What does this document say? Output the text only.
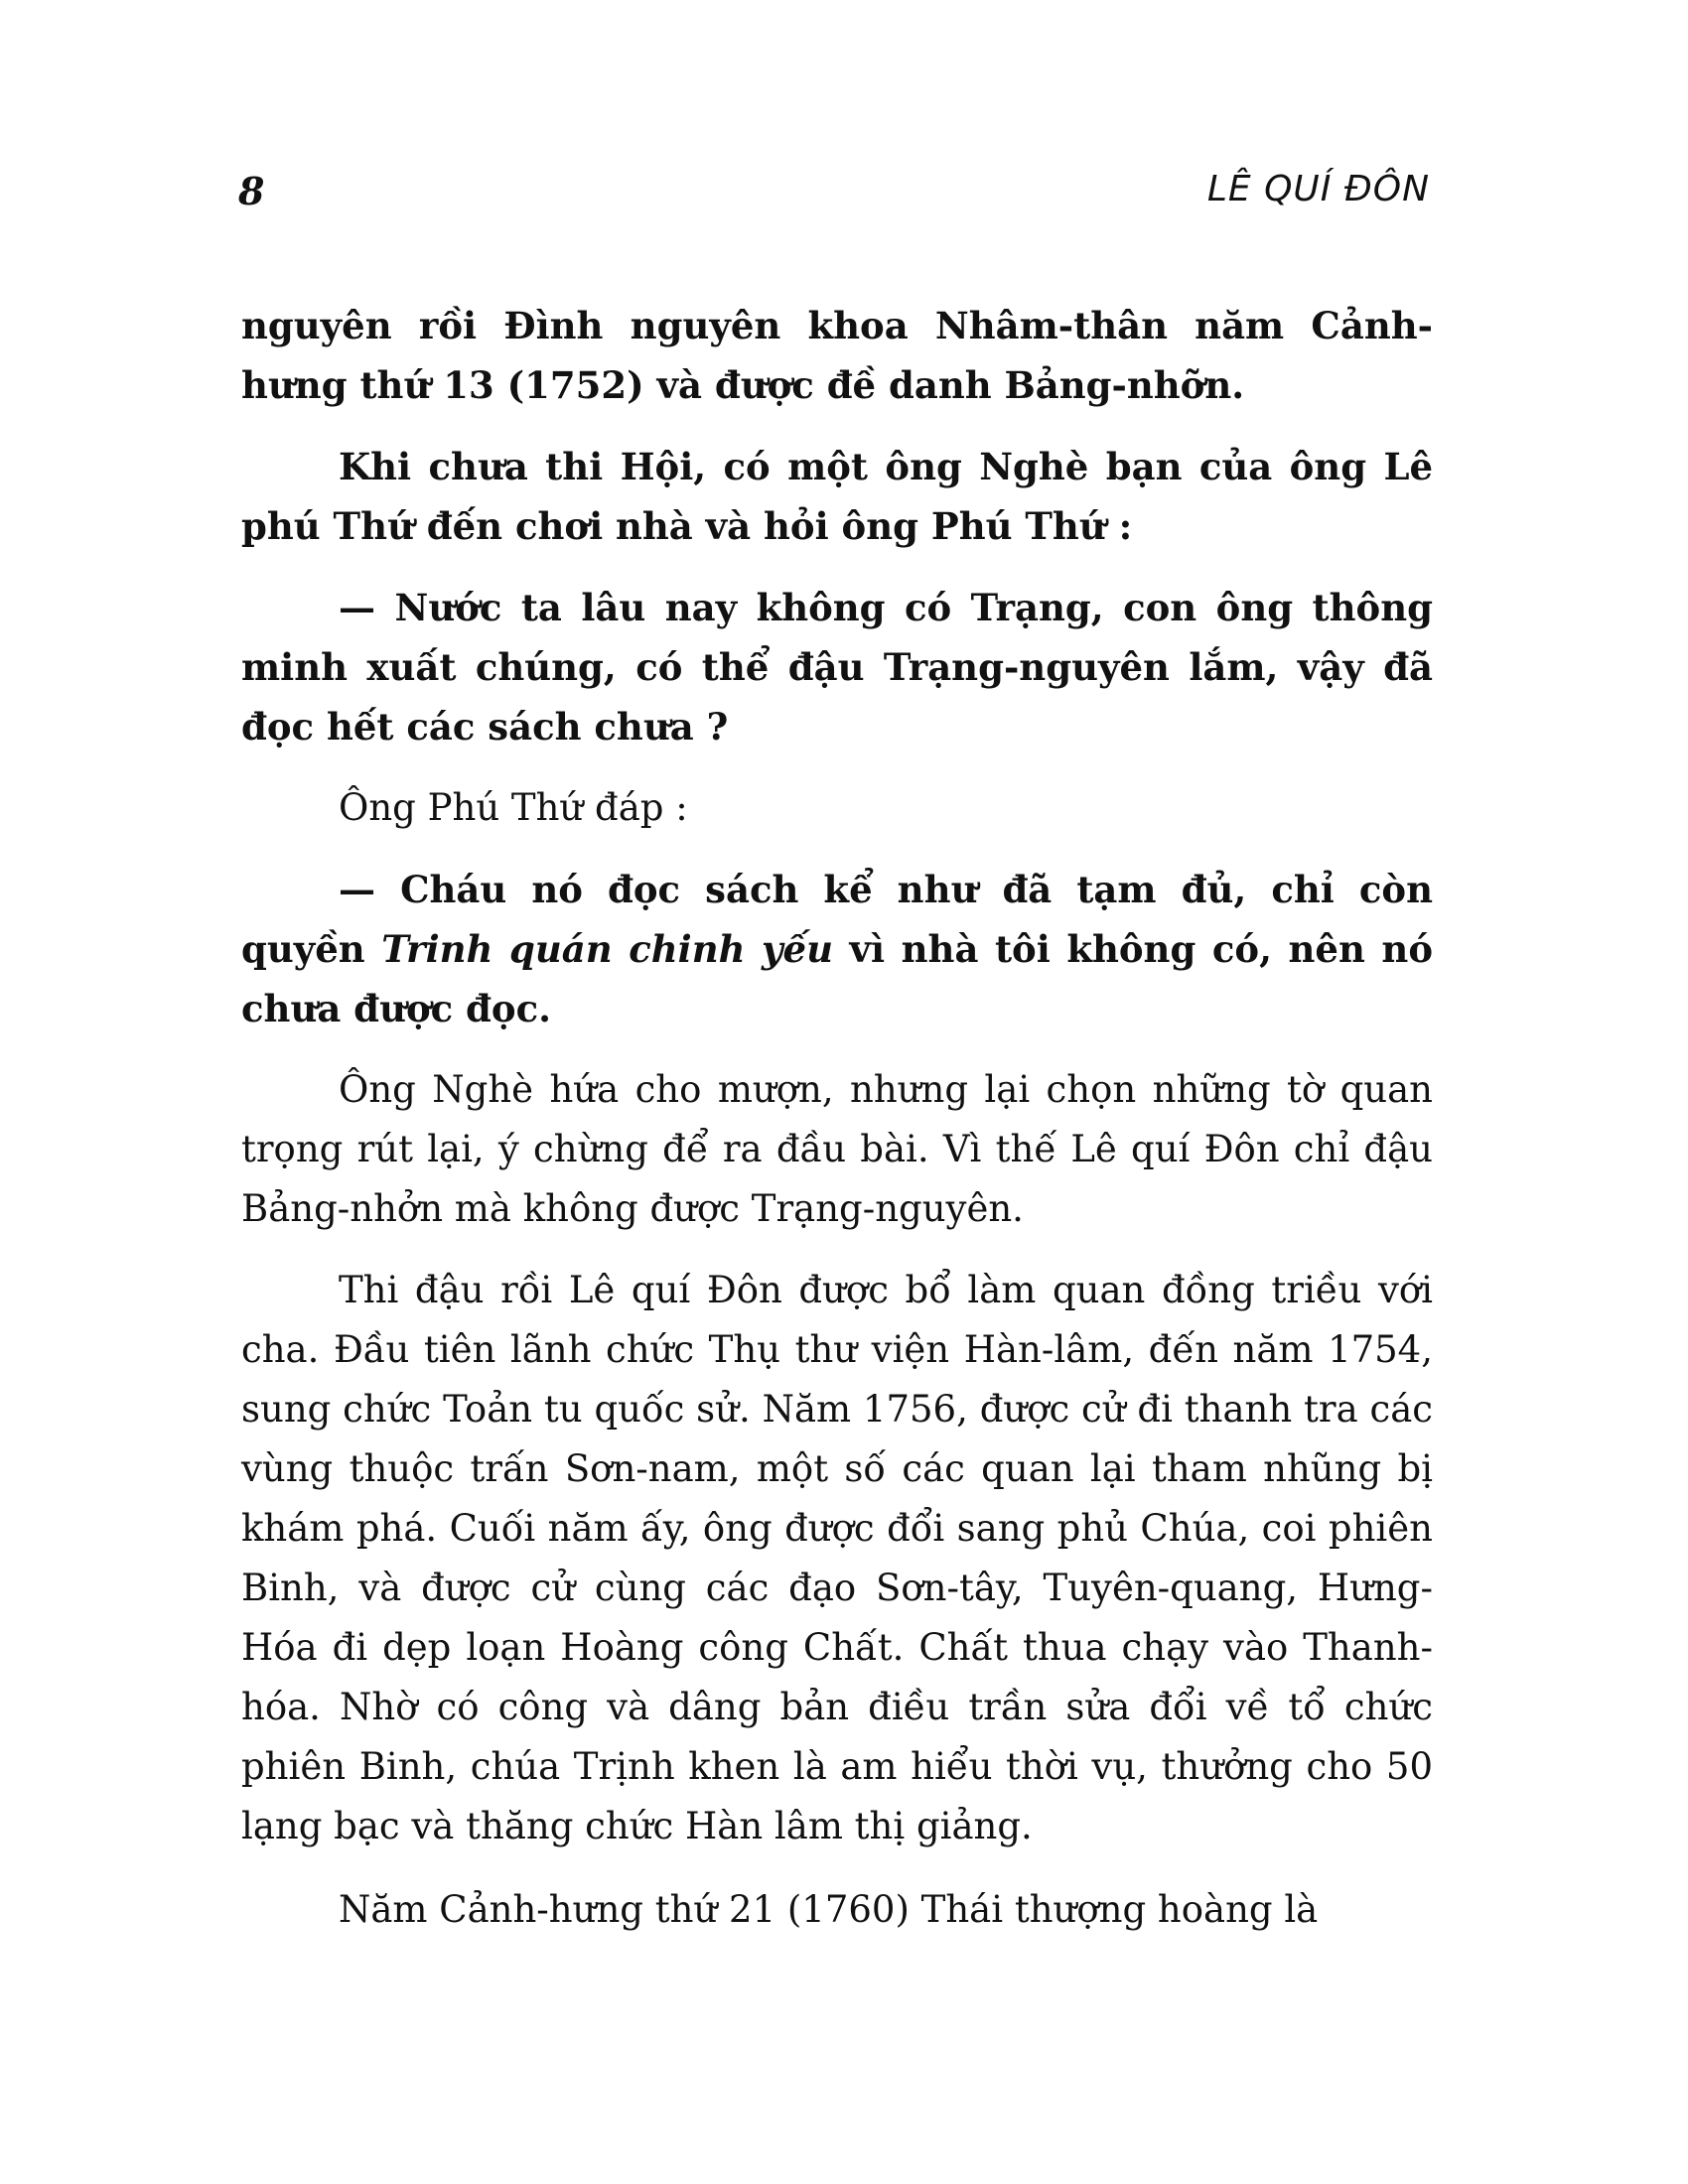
8	LÊ QUÍ ĐÔN

nguyên rồi Đình nguyên khoa Nhâm-thân năm Cảnh-hưng thứ 13 (1752) và được đề danh Bảng-nhỡn.

Khi chưa thi Hội, có một ông Nghè bạn của ông Lê phú Thứ đến chơi nhà và hỏi ông Phú Thứ :

— Nước ta lâu nay không có Trạng, con ông thông minh xuất chúng, có thể đậu Trạng-nguyên lắm, vậy đã đọc hết các sách chưa ?

Ông Phú Thứ đáp :

— Cháu nó đọc sách kể như đã tạm đủ, chỉ còn quyền Trinh quán chinh yếu vì nhà tôi không có, nên nó chưa được đọc.

Ông Nghè hứa cho mượn, nhưng lại chọn những tờ quan trọng rút lại, ý chừng để ra đầu bài. Vì thế Lê quí Đôn chỉ đậu Bảng-nhởn mà không được Trạng-nguyên.

Thi đậu rồi Lê quí Đôn được bổ làm quan đồng triều với cha. Đầu tiên lãnh chức Thụ thư viện Hàn-lâm, đến năm 1754, sung chức Toản tu quốc sử. Năm 1756, được cử đi thanh tra các vùng thuộc trấn Sơn-nam, một số các quan lại tham nhũng bị khám phá. Cuối năm ấy, ông được đổi sang phủ Chúa, coi phiên Binh, và được cử cùng các đạo Sơn-tây, Tuyên-quang, Hưng-Hóa đi dẹp loạn Hoàng công Chất. Chất thua chạy vào Thanh-hóa. Nhờ có công và dâng bản điều trần sửa đổi về tổ chức phiên Binh, chúa Trịnh khen là am hiểu thời vụ, thưởng cho 50 lạng bạc và thăng chức Hàn lâm thị giảng.

Năm Cảnh-hưng thứ 21 (1760) Thái thượng hoàng là
